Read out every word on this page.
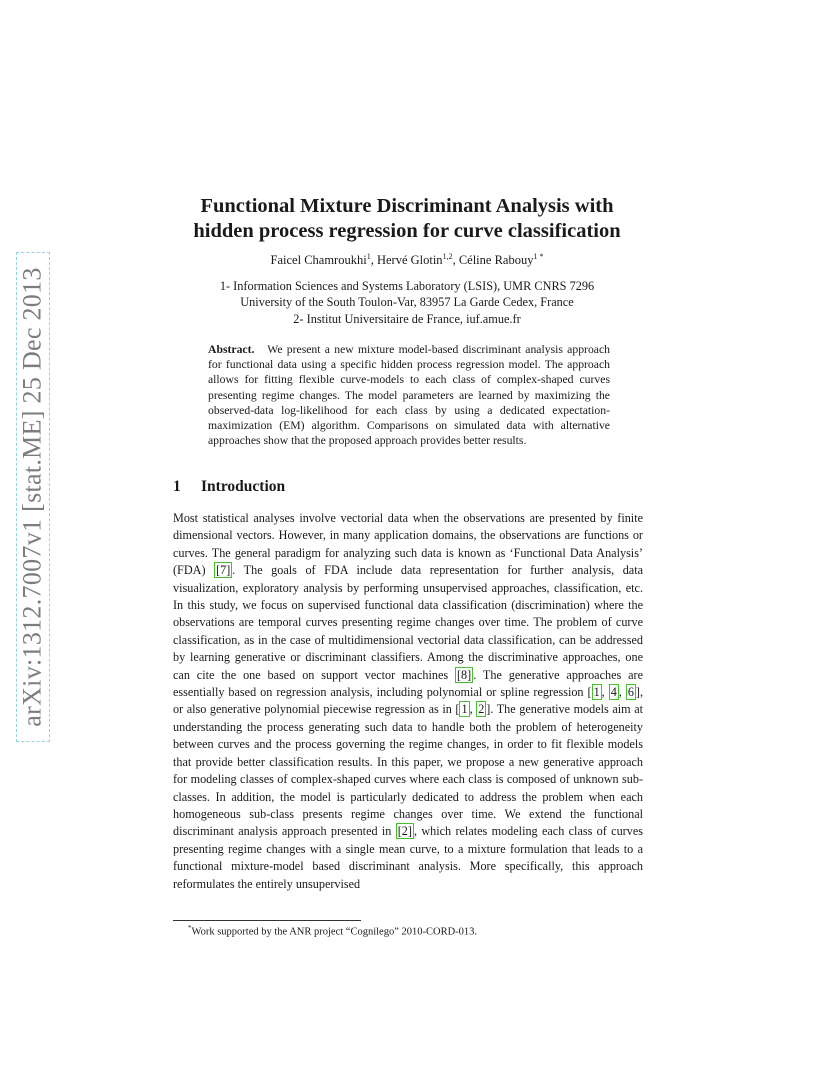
arXiv:1312.7007v1 [stat.ME] 25 Dec 2013
Functional Mixture Discriminant Analysis with
hidden process regression for curve classification
Faicel Chamroukhi$^1$, Hervé Glotin$^{1,2}$, Céline Rabouy$^1$ *
1- Information Sciences and Systems Laboratory (LSIS), UMR CNRS 7296
University of the South Toulon-Var, 83957 La Garde Cedex, France
2- Institut Universitaire de France, iuf.amue.fr
Abstract. We present a new mixture model-based discriminant analysis approach for functional data using a specific hidden process regression model. The approach allows for fitting flexible curve-models to each class of complex-shaped curves presenting regime changes. The model parameters are learned by maximizing the observed-data log-likelihood for each class by using a dedicated expectation-maximization (EM) algorithm. Comparisons on simulated data with alternative approaches show that the proposed approach provides better results.
1 Introduction
Most statistical analyses involve vectorial data when the observations are presented by finite dimensional vectors. However, in many application domains, the observations are functions or curves. The general paradigm for analyzing such data is known as ‘Functional Data Analysis’ (FDA) [7] . The goals of FDA include data representation for further analysis, data visualization, exploratory analysis by performing unsupervised approaches, classification, etc. In this study, we focus on supervised functional data classification (discrimination) where the observations are temporal curves presenting regime changes over time. The problem of curve classification, as in the case of multidimensional vectorial data classification, can be addressed by learning generative or discriminant classifiers. Among the discriminative approaches, one can cite the one based on support vector machines [8] . The generative approaches are essentially based on regression analysis, including polynomial or spline regression [ 1 , 4 , 6 ], or also generative polynomial piecewise regression as in [ 1 , 2 ]. The generative models aim at understanding the process generating such data to handle both the problem of heterogeneity between curves and the process governing the regime changes, in order to fit flexible models that provide better classification results. In this paper, we propose a new generative approach for modeling classes of complex-shaped curves where each class is composed of unknown sub-classes. In addition, the model is particularly dedicated to address the problem when each homogeneous sub-class presents regime changes over time. We extend the functional discriminant analysis approach presented in [2] , which relates modeling each class of curves presenting regime changes with a single mean curve, to a mixture formulation that leads to a functional mixture-model based discriminant analysis. More specifically, this approach reformulates the entirely unsupervised
*Work supported by the ANR project “Cognilego” 2010-CORD-013.
